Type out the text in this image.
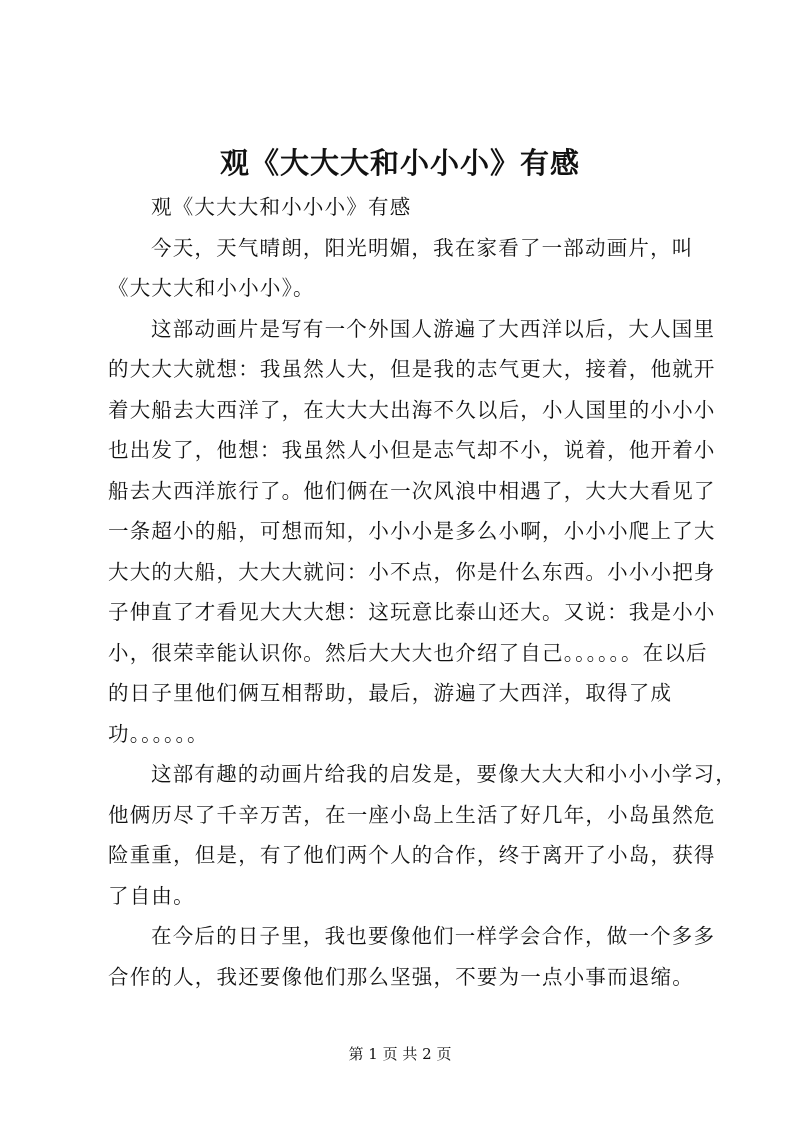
观《大大大和小小小》有感

观《大大大和小小小》有感

今天，天气晴朗，阳光明媚，我在家看了一部动画片，叫
《大大大和小小小》。

这部动画片是写有一个外国人游遍了大西洋以后，大人国里
的大大大就想：我虽然人大，但是我的志气更大，接着，他就开
着大船去大西洋了，在大大大出海不久以后，小人国里的小小小
也出发了，他想：我虽然人小但是志气却不小，说着，他开着小
船去大西洋旅行了。他们俩在一次风浪中相遇了，大大大看见了
一条超小的船，可想而知，小小小是多么小啊，小小小爬上了大
大大的大船，大大大就问：小不点，你是什么东西。小小小把身
子伸直了才看见大大大想：这玩意比泰山还大。又说：我是小小
小，很荣幸能认识你。然后大大大也介绍了自己。。。。。。在以后
的日子里他们俩互相帮助，最后，游遍了大西洋，取得了成
功。。。。。。

这部有趣的动画片给我的启发是，要像大大大和小小小学习，
他俩历尽了千辛万苦，在一座小岛上生活了好几年，小岛虽然危
险重重，但是，有了他们两个人的合作，终于离开了小岛，获得
了自由。

在今后的日子里，我也要像他们一样学会合作，做一个多多
合作的人，我还要像他们那么坚强，不要为一点小事而退缩。

第 1 页 共 2 页
